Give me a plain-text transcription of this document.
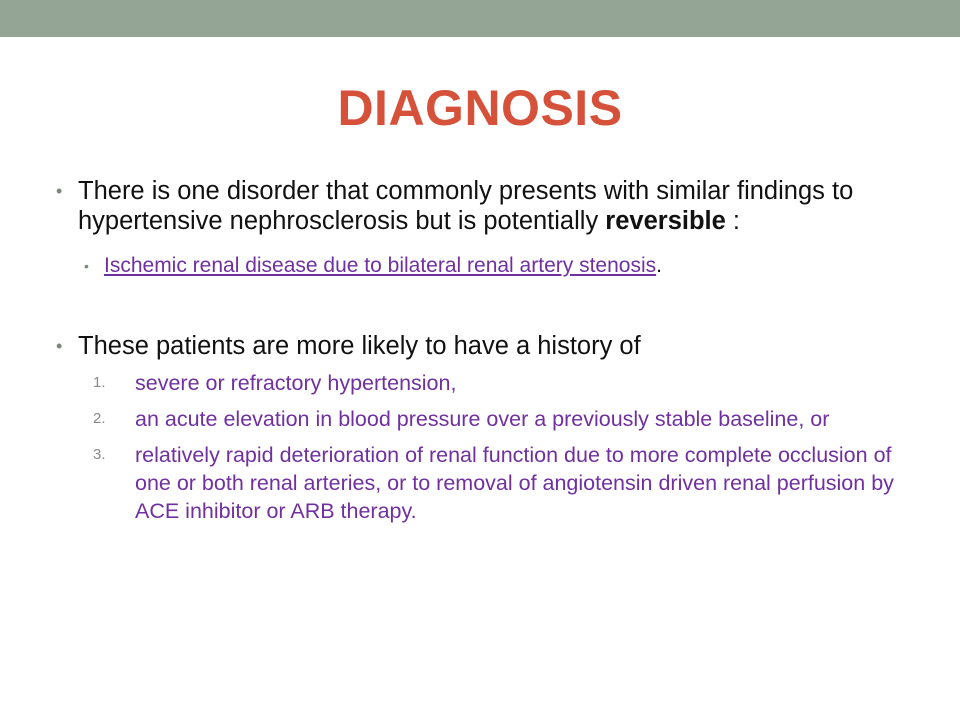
DIAGNOSIS
• There is one disorder that commonly presents with similar findings to hypertensive nephrosclerosis but is potentially reversible :
• Ischemic renal disease due to bilateral renal artery stenosis.
• These patients are more likely to have a history of
1. severe or refractory hypertension,
2. an acute elevation in blood pressure over a previously stable baseline, or
3. relatively rapid deterioration of renal function due to more complete occlusion of one or both renal arteries, or to removal of angiotensin driven renal perfusion by ACE inhibitor or ARB therapy.
